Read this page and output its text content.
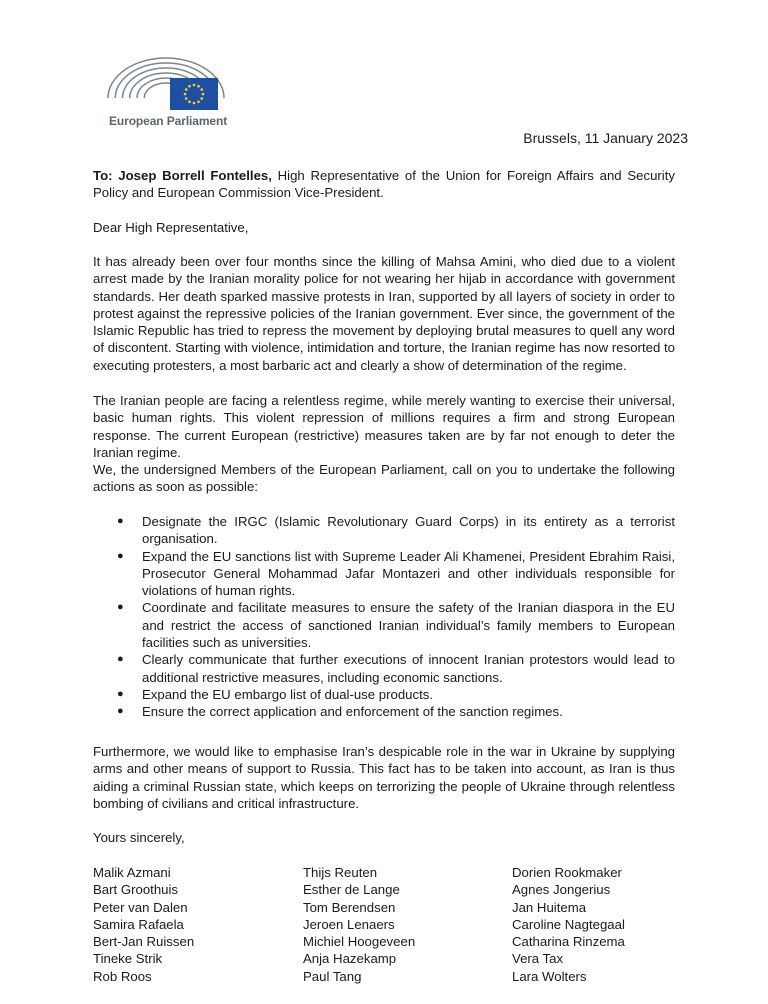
European Parliament
Brussels, 11 January 2023
To: Josep Borrell Fontelles, High Representative of the Union for Foreign Affairs and Security Policy and European Commission Vice-President.
Dear High Representative,
It has already been over four months since the killing of Mahsa Amini, who died due to a violent arrest made by the Iranian morality police for not wearing her hijab in accordance with government standards. Her death sparked massive protests in Iran, supported by all layers of society in order to protest against the repressive policies of the Iranian government. Ever since, the government of the Islamic Republic has tried to repress the movement by deploying brutal measures to quell any word of discontent. Starting with violence, intimidation and torture, the Iranian regime has now resorted to executing protesters, a most barbaric act and clearly a show of determination of the regime.
The Iranian people are facing a relentless regime, while merely wanting to exercise their universal, basic human rights. This violent repression of millions requires a firm and strong European response. The current European (restrictive) measures taken are by far not enough to deter the Iranian regime.
We, the undersigned Members of the European Parliament, call on you to undertake the following actions as soon as possible:
● Designate the IRGC (Islamic Revolutionary Guard Corps) in its entirety as a terrorist organisation.
● Expand the EU sanctions list with Supreme Leader Ali Khamenei, President Ebrahim Raisi, Prosecutor General Mohammad Jafar Montazeri and other individuals responsible for violations of human rights.
● Coordinate and facilitate measures to ensure the safety of the Iranian diaspora in the EU and restrict the access of sanctioned Iranian individual’s family members to European facilities such as universities.
● Clearly communicate that further executions of innocent Iranian protestors would lead to additional restrictive measures, including economic sanctions.
● Expand the EU embargo list of dual-use products.
● Ensure the correct application and enforcement of the sanction regimes.
Furthermore, we would like to emphasise Iran’s despicable role in the war in Ukraine by supplying arms and other means of support to Russia. This fact has to be taken into account, as Iran is thus aiding a criminal Russian state, which keeps on terrorizing the people of Ukraine through relentless bombing of civilians and critical infrastructure.
Yours sincerely,
Malik Azmani
Bart Groothuis
Peter van Dalen
Samira Rafaela
Bert-Jan Ruissen
Tineke Strik
Rob Roos
Thijs Reuten
Esther de Lange
Tom Berendsen
Jeroen Lenaers
Michiel Hoogeveen
Anja Hazekamp
Paul Tang
Dorien Rookmaker
Agnes Jongerius
Jan Huitema
Caroline Nagtegaal
Catharina Rinzema
Vera Tax
Lara Wolters
